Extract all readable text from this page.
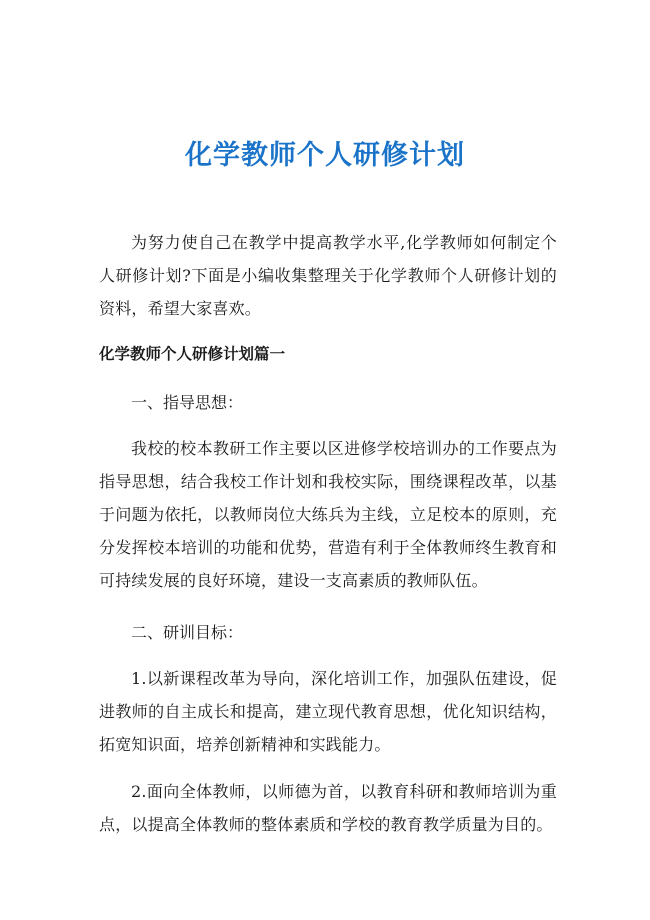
化学教师个人研修计划

为努力使自己在教学中提高教学水平,化学教师如何制定个人研修计划?下面是小编收集整理关于化学教师个人研修计划的资料，希望大家喜欢。

化学教师个人研修计划篇一

一、指导思想：

我校的校本教研工作主要以区进修学校培训办的工作要点为指导思想，结合我校工作计划和我校实际，围绕课程改革，以基于问题为依托，以教师岗位大练兵为主线，立足校本的原则，充分发挥校本培训的功能和优势，营造有利于全体教师终生教育和可持续发展的良好环境，建设一支高素质的教师队伍。

二、研训目标：

1.以新课程改革为导向，深化培训工作，加强队伍建设，促进教师的自主成长和提高，建立现代教育思想，优化知识结构，拓宽知识面，培养创新精神和实践能力。

2.面向全体教师，以师德为首，以教育科研和教师培训为重点，以提高全体教师的整体素质和学校的教育教学质量为目的。
